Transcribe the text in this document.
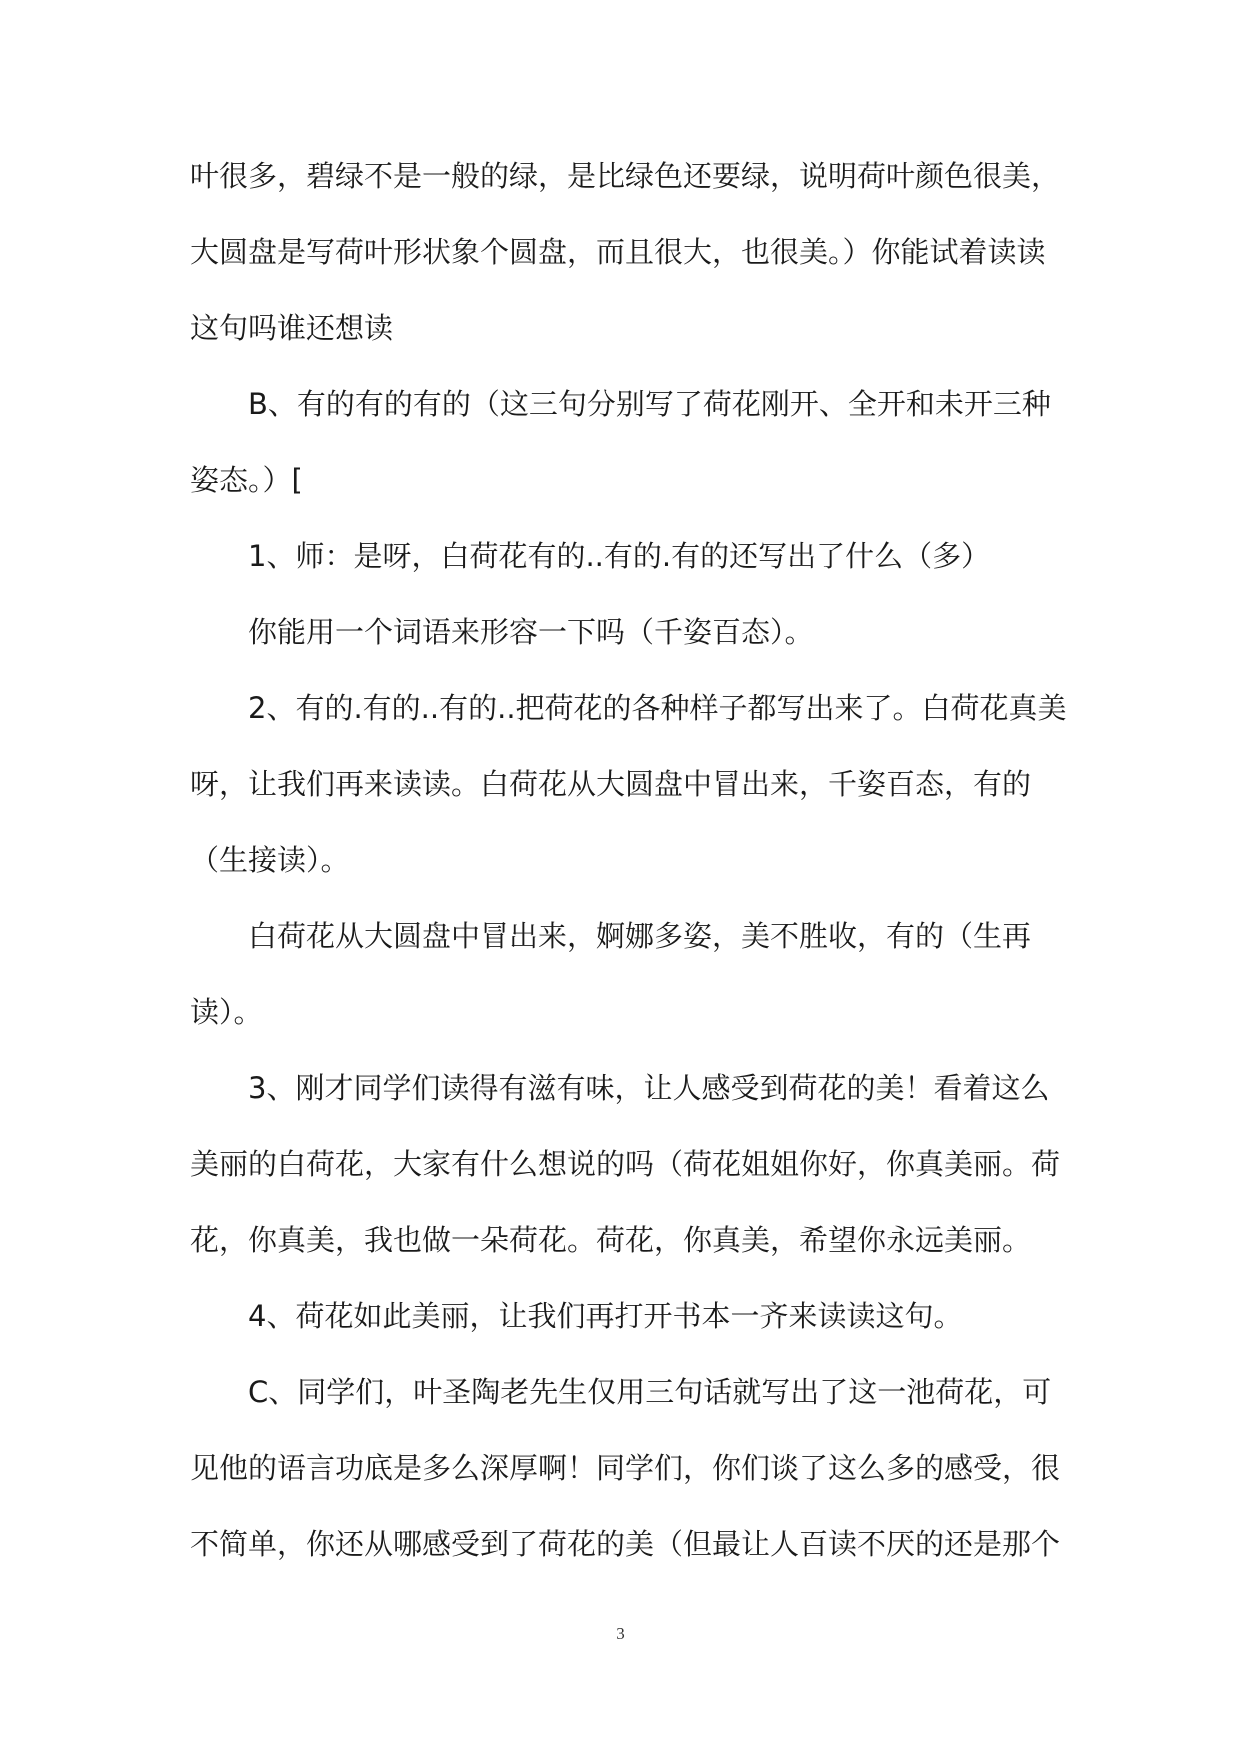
叶很多，碧绿不是一般的绿，是比绿色还要绿，说明荷叶颜色很美，
大圆盘是写荷叶形状象个圆盘，而且很大，也很美。）你能试着读读
这句吗谁还想读

B、有的有的有的（这三句分别写了荷花刚开、全开和未开三种
姿态。）[

1、师：是呀，白荷花有的..有的.有的还写出了什么（多）

你能用一个词语来形容一下吗（千姿百态）。

2、有的.有的..有的..把荷花的各种样子都写出来了。白荷花真美
呀，让我们再来读读。白荷花从大圆盘中冒出来，千姿百态，有的
（生接读）。

白荷花从大圆盘中冒出来，婀娜多姿，美不胜收，有的（生再
读）。

3、刚才同学们读得有滋有味，让人感受到荷花的美！看着这么
美丽的白荷花，大家有什么想说的吗（荷花姐姐你好，你真美丽。荷
花，你真美，我也做一朵荷花。荷花，你真美，希望你永远美丽。

4、荷花如此美丽，让我们再打开书本一齐来读读这句。

C、同学们，叶圣陶老先生仅用三句话就写出了这一池荷花，可
见他的语言功底是多么深厚啊！同学们，你们谈了这么多的感受，很
不简单，你还从哪感受到了荷花的美（但最让人百读不厌的还是那个

3
